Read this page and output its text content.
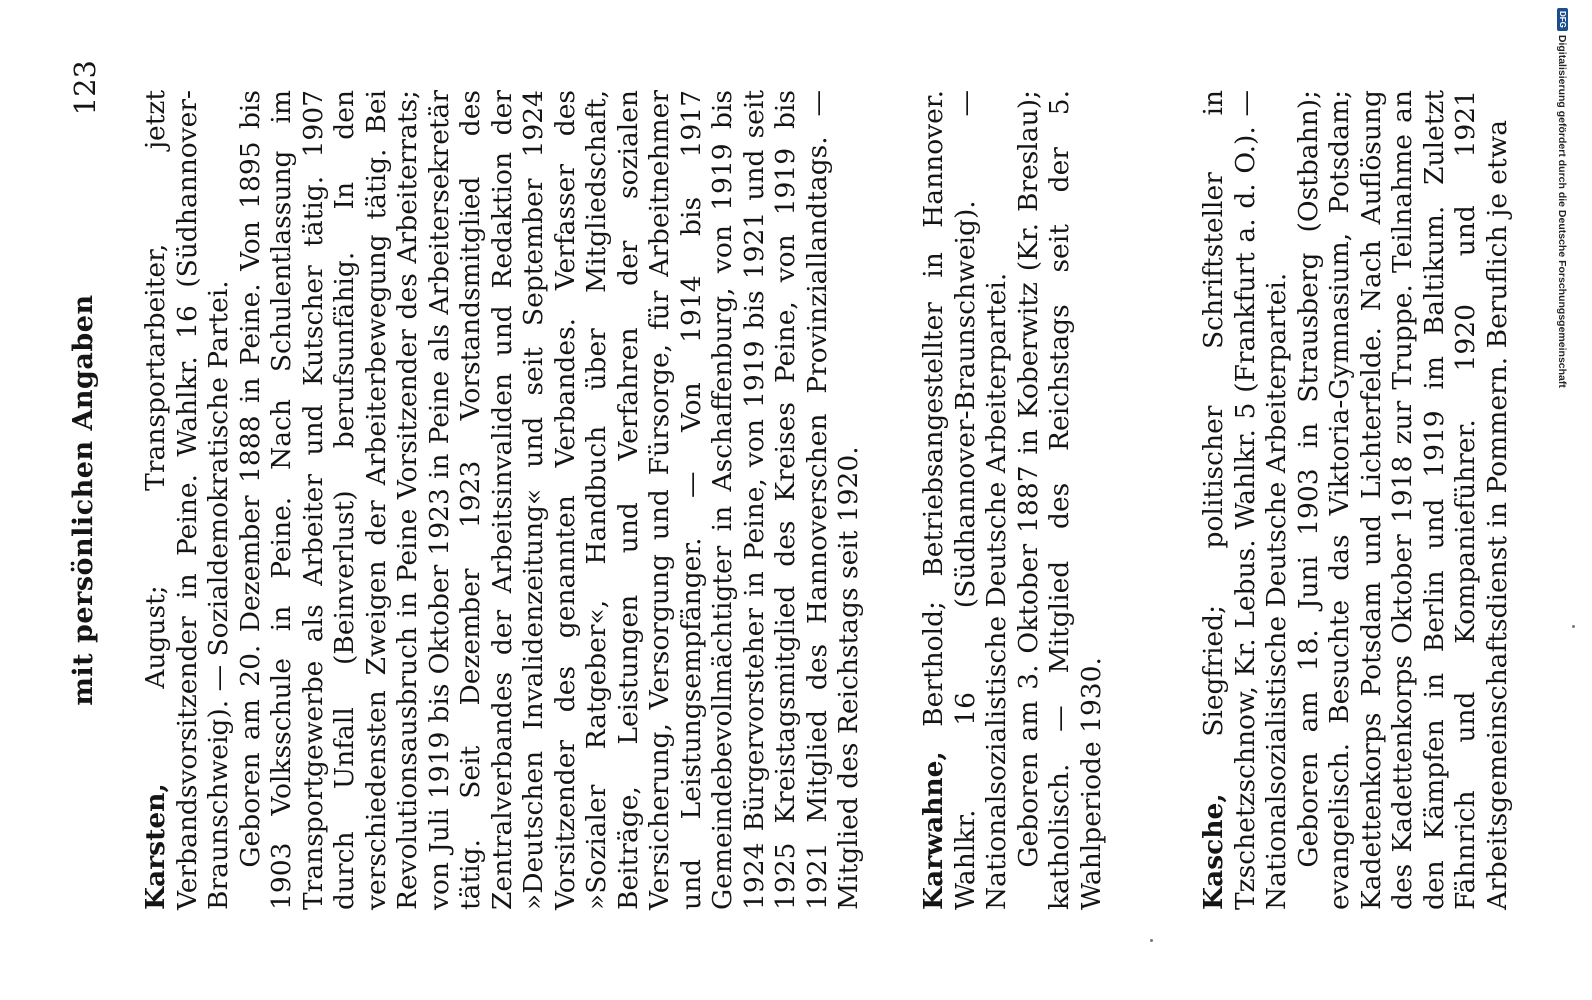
mit persönlichen Angaben
123

Karsten, August; Transportarbeiter, jetzt Verbandsvorsitzender in Peine. Wahlkr. 16 (Südhannover-Braunschweig). — Sozialdemokratische Partei. Geboren am 20. Dezember 1888 in Peine. Von 1895 bis 1903 Volksschule in Peine. Nach Schulentlassung im Transportgewerbe als Arbeiter und Kutscher tätig. 1907 durch Unfall (Beinverlust) berufsunfähig. In den verschiedensten Zweigen der Arbeiterbewegung tätig. Bei Revolutionsausbruch in Peine Vorsitzender des Arbeiterrats; von Juli 1919 bis Oktober 1923 in Peine als Arbeitersekretär tätig. Seit Dezember 1923 Vorstandsmitglied des Zentralverbandes der Arbeitsinvaliden und Redaktion der »Deutschen Invalidenzeitung« und seit September 1924 Vorsitzender des genannten Verbandes. Verfasser des »Sozialer Ratgeber«, Handbuch über Mitgliedschaft, Beiträge, Leistungen und Verfahren der sozialen Versicherung, Versorgung und Fürsorge, für Arbeitnehmer und Leistungsempfänger. — Von 1914 bis 1917 Gemeindebevollmächtigter in Aschaffenburg, von 1919 bis 1924 Bürgervorsteher in Peine, von 1919 bis 1921 und seit 1925 Kreistagsmitglied des Kreises Peine, von 1919 bis 1921 Mitglied des Hannoverschen Provinziallandtags. — Mitglied des Reichstags seit 1920. Karwahne, Berthold; Betriebsangestellter in Hannover. Wahlkr. 16 (Südhannover-Braunschweig). — Nationalsozialistische Deutsche Arbeiterpartei. Geboren am 3. Oktober 1887 in Koberwitz (Kr. Breslau); katholisch. — Mitglied des Reichstags seit der 5. Wahlperiode 1930.	Kasche, Siegfried; politischer Schriftsteller in Tzschetzschnow, Kr. Lebus. Wahlkr. 5 (Frankfurt a. d. O.). — Nationalsozialistische Deutsche Arbeiterpartei. Geboren am 18. Juni 1903 in Strausberg (Ostbahn); evangelisch. Besuchte das Viktoria-Gymnasium, Potsdam; Kadettenkorps Potsdam und Lichterfelde. Nach Auflösung des Kadettenkorps Oktober 1918 zur Truppe. Teilnahme an den Kämpfen in Berlin und 1919 im Baltikum. Zuletzt Fähnrich und Kompanieführer. 1920 und 1921 Arbeitsgemeinschaftsdienst in Pommern. Beruflich je etwa

DFG
Digitalisierung gefördert durch die Deutsche Forschungsgemeinschaft
